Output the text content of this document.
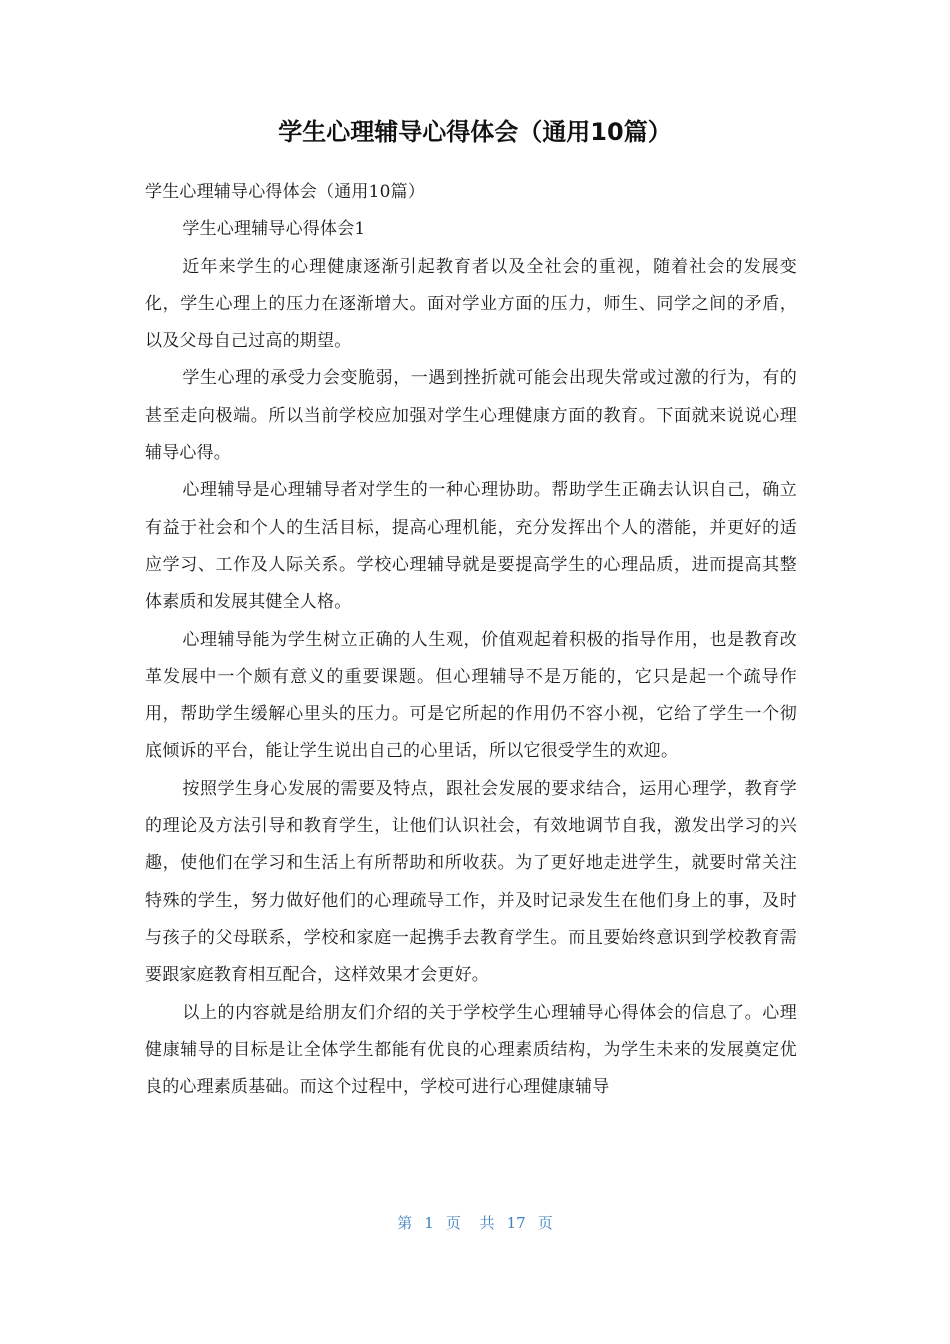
学生心理辅导心得体会（通用10篇）

学生心理辅导心得体会（通用10篇）

学生心理辅导心得体会1

近年来学生的心理健康逐渐引起教育者以及全社会的重视，随着社会的发展变化，学生心理上的压力在逐渐增大。面对学业方面的压力，师生、同学之间的矛盾，以及父母自己过高的期望。

学生心理的承受力会变脆弱，一遇到挫折就可能会出现失常或过激的行为，有的甚至走向极端。所以当前学校应加强对学生心理健康方面的教育。下面就来说说心理辅导心得。

心理辅导是心理辅导者对学生的一种心理协助。帮助学生正确去认识自己，确立有益于社会和个人的生活目标，提高心理机能，充分发挥出个人的潜能，并更好的适应学习、工作及人际关系。学校心理辅导就是要提高学生的心理品质，进而提高其整体素质和发展其健全人格。

心理辅导能为学生树立正确的人生观，价值观起着积极的指导作用，也是教育改革发展中一个颇有意义的重要课题。但心理辅导不是万能的，它只是起一个疏导作用，帮助学生缓解心里头的压力。可是它所起的作用仍不容小视，它给了学生一个彻底倾诉的平台，能让学生说出自己的心里话，所以它很受学生的欢迎。

按照学生身心发展的需要及特点，跟社会发展的要求结合，运用心理学，教育学的理论及方法引导和教育学生，让他们认识社会，有效地调节自我，激发出学习的兴趣，使他们在学习和生活上有所帮助和所收获。为了更好地走进学生，就要时常关注特殊的学生，努力做好他们的心理疏导工作，并及时记录发生在他们身上的事，及时与孩子的父母联系，学校和家庭一起携手去教育学生。而且要始终意识到学校教育需要跟家庭教育相互配合，这样效果才会更好。

以上的内容就是给朋友们介绍的关于学校学生心理辅导心得体会的信息了。心理健康辅导的目标是让全体学生都能有优良的心理素质结构，为学生未来的发展奠定优良的心理素质基础。而这个过程中，学校可进行心理健康辅导

第 1 页 共 17 页
